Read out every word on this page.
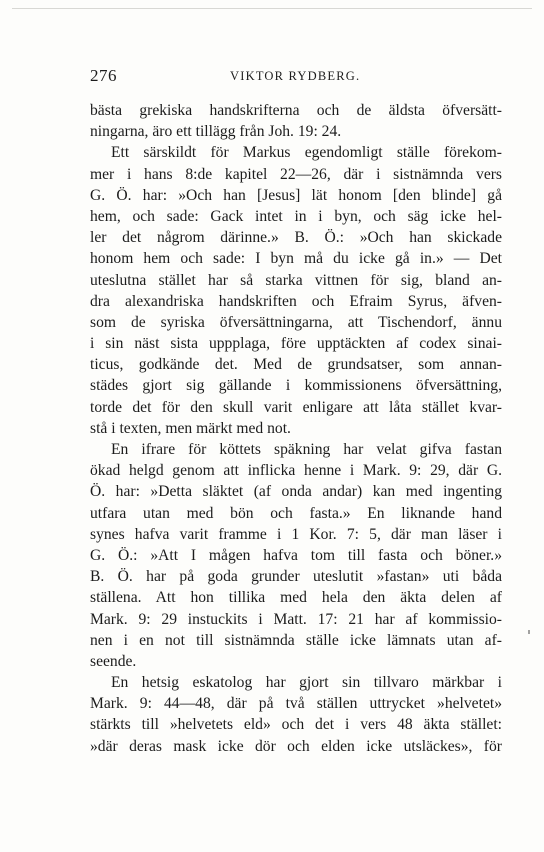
276	VIKTOR RYDBERG.
bästa grekiska handskrifterna och de äldsta öfversätt-
ningarna, äro ett tillägg från Joh. 19: 24.
Ett särskildt för Markus egendomligt ställe förekom-
mer i hans 8:de kapitel 22—26, där i sistnämnda vers
G. Ö. har: »Och han [Jesus] lät honom [den blinde] gå
hem, och sade: Gack intet in i byn, och säg icke hel-
ler det någrom därinne.» B. Ö.: »Och han skickade
honom hem och sade: I byn må du icke gå in.» — Det
uteslutna stället har så starka vittnen för sig, bland an-
dra alexandriska handskriften och Efraim Syrus, äfven-
som de syriska öfversättningarna, att Tischendorf, ännu
i sin näst sista uppplaga, före upptäckten af codex sinai-
ticus, godkände det. Med de grundsatser, som annan-
städes gjort sig gällande i kommissionens öfversättning,
torde det för den skull varit enligare att låta stället kvar-
stå i texten, men märkt med not.
En ifrare för köttets späkning har velat gifva fastan
ökad helgd genom att inflicka henne i Mark. 9: 29, där G.
Ö. har: »Detta släktet (af onda andar) kan med ingenting
utfara utan med bön och fasta.» En liknande hand
synes hafva varit framme i 1 Kor. 7: 5, där man läser i
G. Ö.: »Att I mågen hafva tom till fasta och böner.»
B. Ö. har på goda grunder uteslutit »fastan» uti båda
ställena. Att hon tillika med hela den äkta delen af
Mark. 9: 29 instuckits i Matt. 17: 21 har af kommissio-
nen i en not till sistnämnda ställe icke lämnats utan af-
seende.
En hetsig eskatolog har gjort sin tillvaro märkbar i
Mark. 9: 44—48, där på två ställen uttrycket »helvetet»
stärkts till »helvetets eld» och det i vers 48 äkta stället:
»där deras mask icke dör och elden icke utsläckes», för
